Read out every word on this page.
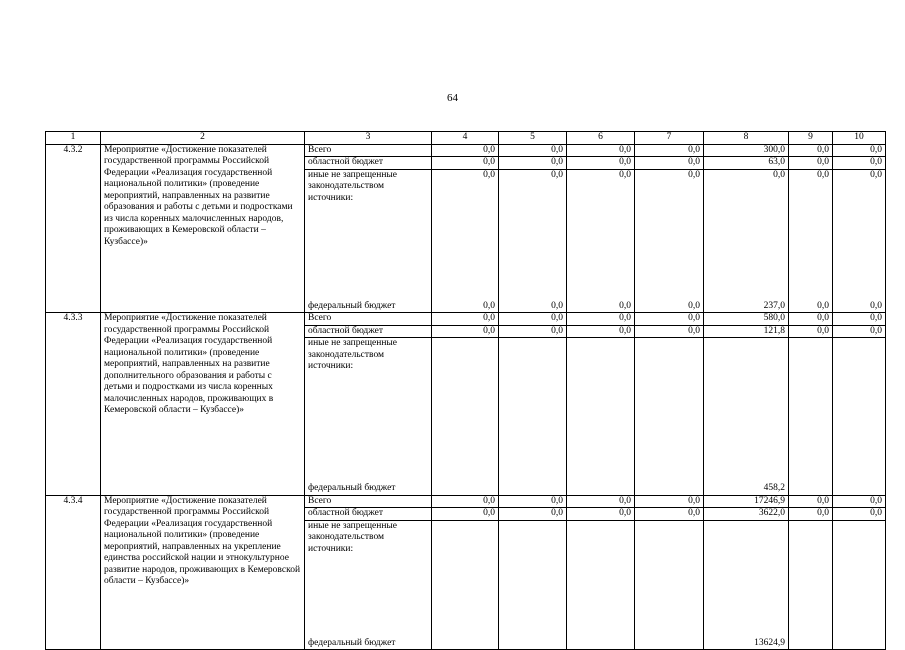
64
1	2	3	4	5	6	7	8	9	10
4.3.2	Мероприятие «Достижение показателей государственной программы Российской Федерации «Реализация государственной национальной политики» (проведение мероприятий, направленных на развитие образования и работы с детьми и подростками из числа коренных малочисленных народов, проживающих в Кемеровской области – Кузбассе)»	Всего	0,0	0,0	0,0	0,0	300,0	0,0	0,0
		областной бюджет	0,0	0,0	0,0	0,0	63,0	0,0	0,0
		иные не запрещенные законодательством источники:	0,0	0,0	0,0	0,0	0,0	0,0	0,0
		федеральный бюджет	0,0	0,0	0,0	0,0	237,0	0,0	0,0
4.3.3	Мероприятие «Достижение показателей государственной программы Российской Федерации «Реализация государственной национальной политики» (проведение мероприятий, направленных на развитие дополнительного образования и работы с детьми и подростками из числа коренных малочисленных народов, проживающих в Кемеровской области – Кузбассе)»	Всего	0,0	0,0	0,0	0,0	580,0	0,0	0,0
		областной бюджет	0,0	0,0	0,0	0,0	121,8	0,0	0,0
		иные не запрещенные законодательством источники:							
		федеральный бюджет					458,2		
4.3.4	Мероприятие «Достижение показателей государственной программы Российской Федерации «Реализация государственной национальной политики» (проведение мероприятий, направленных на укрепление единства российской нации и этнокультурное развитие народов, проживающих в Кемеровской области – Кузбассе)»	Всего	0,0	0,0	0,0	0,0	17246,9	0,0	0,0
		областной бюджет	0,0	0,0	0,0	0,0	3622,0	0,0	0,0
		иные не запрещенные законодательством источники:							
		федеральный бюджет					13624,9		
